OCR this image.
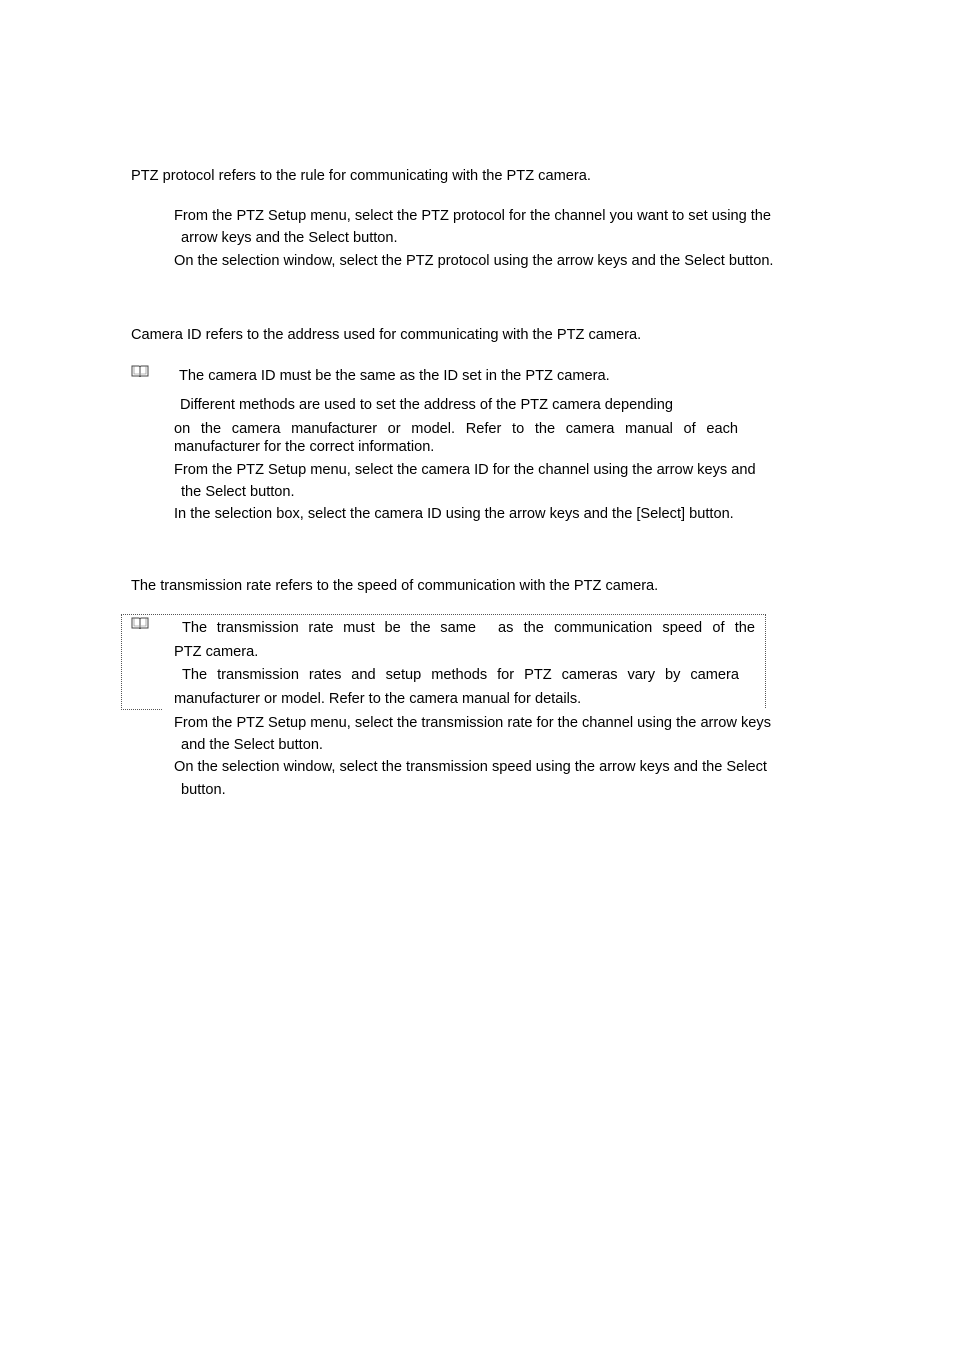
PTZ protocol refers to the rule for communicating with the PTZ camera.
From the PTZ Setup menu, select the PTZ protocol for the channel you want to set using the
arrow keys and the Select button.
On the selection window, select the PTZ protocol using the arrow keys and the Select button.
Camera ID refers to the address used for communicating with the PTZ camera.
The camera ID must be the same as the ID set in the PTZ camera.
Different methods are used to set the address of the PTZ camera depending
on the camera manufacturer or model. Refer to the camera manual of each
manufacturer for the correct information.
From the PTZ Setup menu, select the camera ID for the channel using the arrow keys and
the Select button.
In the selection box, select the camera ID using the arrow keys and the [Select] button.
The transmission rate refers to the speed of communication with the PTZ camera.
The transmission rate must be the same as the communication speed of the
PTZ camera.
The transmission rates and setup methods for PTZ cameras vary by camera
manufacturer or model. Refer to the camera manual for details.
From the PTZ Setup menu, select the transmission rate for the channel using the arrow keys
and the Select button.
On the selection window, select the transmission speed using the arrow keys and the Select
button.
